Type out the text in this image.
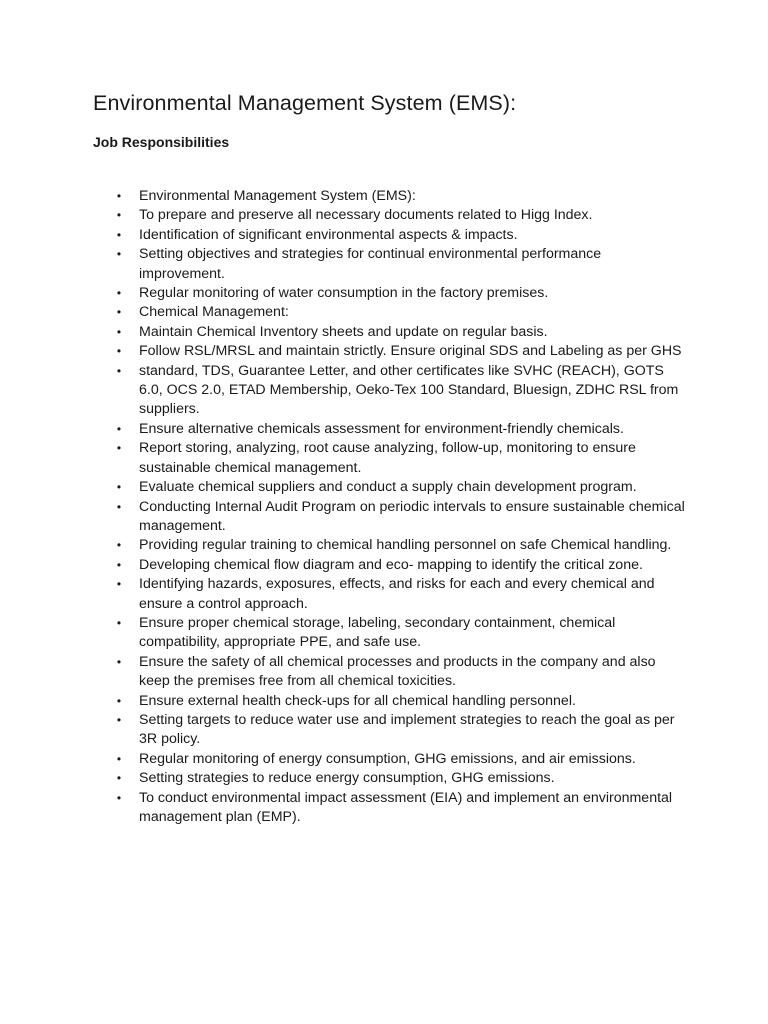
Environmental Management System (EMS):
Job Responsibilities
• Environmental Management System (EMS):
• To prepare and preserve all necessary documents related to Higg Index.
• Identification of significant environmental aspects & impacts.
• Setting objectives and strategies for continual environmental performance improvement.
• Regular monitoring of water consumption in the factory premises.
• Chemical Management:
• Maintain Chemical Inventory sheets and update on regular basis.
• Follow RSL/MRSL and maintain strictly. Ensure original SDS and Labeling as per GHS
• standard, TDS, Guarantee Letter, and other certificates like SVHC (REACH), GOTS 6.0, OCS 2.0, ETAD Membership, Oeko-Tex 100 Standard, Bluesign, ZDHC RSL from suppliers.
• Ensure alternative chemicals assessment for environment-friendly chemicals.
• Report storing, analyzing, root cause analyzing, follow-up, monitoring to ensure sustainable chemical management.
• Evaluate chemical suppliers and conduct a supply chain development program.
• Conducting Internal Audit Program on periodic intervals to ensure sustainable chemical management.
• Providing regular training to chemical handling personnel on safe Chemical handling.
• Developing chemical flow diagram and eco- mapping to identify the critical zone.
• Identifying hazards, exposures, effects, and risks for each and every chemical and ensure a control approach.
• Ensure proper chemical storage, labeling, secondary containment, chemical compatibility, appropriate PPE, and safe use.
• Ensure the safety of all chemical processes and products in the company and also keep the premises free from all chemical toxicities.
• Ensure external health check-ups for all chemical handling personnel.
• Setting targets to reduce water use and implement strategies to reach the goal as per 3R policy.
• Regular monitoring of energy consumption, GHG emissions, and air emissions.
• Setting strategies to reduce energy consumption, GHG emissions.
• To conduct environmental impact assessment (EIA) and implement an environmental management plan (EMP).
